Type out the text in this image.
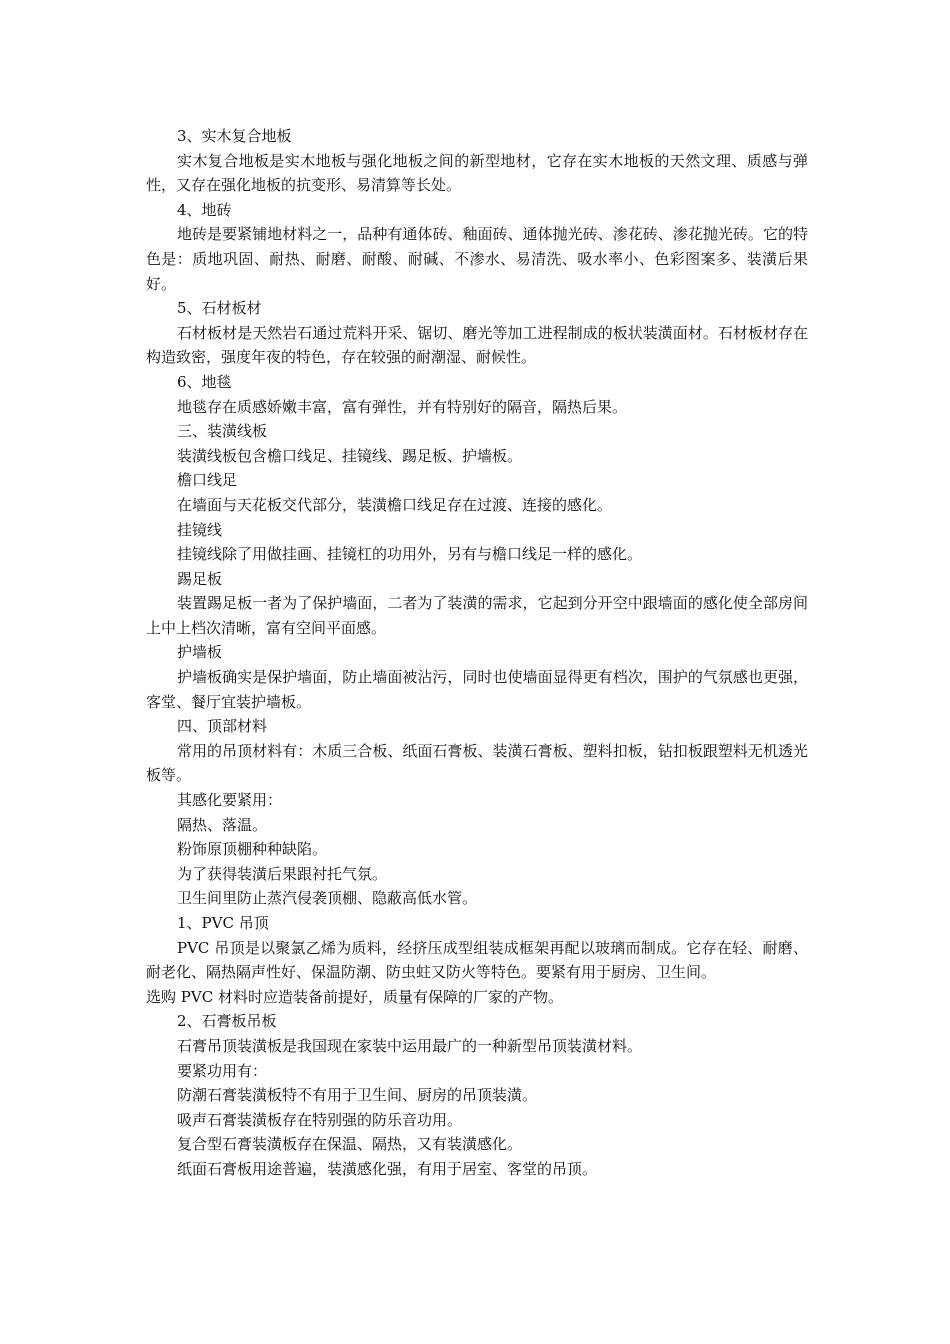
3、实木复合地板

实木复合地板是实木地板与强化地板之间的新型地材，它存在实木地板的天然文理、质感与弹性，又存在强化地板的抗变形、易清算等长处。

4、地砖

地砖是要紧铺地材料之一，品种有通体砖、釉面砖、通体抛光砖、渗花砖、渗花抛光砖。它的特色是：质地巩固、耐热、耐磨、耐酸、耐碱、不渗水、易清洗、吸水率小、色彩图案多、装潢后果好。

5、石材板材

石材板材是天然岩石通过荒料开采、锯切、磨光等加工进程制成的板状装潢面材。石材板材存在构造致密，强度年夜的特色，存在较强的耐潮湿、耐候性。

6、地毯

地毯存在质感娇嫩丰富，富有弹性，并有特别好的隔音，隔热后果。

三、装潢线板

装潢线板包含檐口线足、挂镜线、踢足板、护墙板。

檐口线足

在墙面与天花板交代部分，装潢檐口线足存在过渡、连接的感化。

挂镜线

挂镜线除了用做挂画、挂镜杠的功用外，另有与檐口线足一样的感化。

踢足板

装置踢足板一者为了保护墙面，二者为了装潢的需求，它起到分开空中跟墙面的感化使全部房间上中上档次清晰，富有空间平面感。

护墙板

护墙板确实是保护墙面，防止墙面被沾污，同时也使墙面显得更有档次，围护的气氛感也更强，客堂、餐厅宜装护墙板。

四、顶部材料

常用的吊顶材料有：木质三合板、纸面石膏板、装潢石膏板、塑料扣板，钻扣板跟塑料无机透光板等。

其感化要紧用：

隔热、落温。

粉饰原顶棚种种缺陷。

为了获得装潢后果跟衬托气氛。

卫生间里防止蒸汽侵袭顶棚、隐蔽高低水管。

1、PVC 吊顶

PVC 吊顶是以聚氯乙烯为质料，经挤压成型组装成框架再配以玻璃而制成。它存在轻、耐磨、耐老化、隔热隔声性好、保温防潮、防虫蛀又防火等特色。要紧有用于厨房、卫生间。

选购 PVC 材料时应造装备前提好，质量有保障的厂家的产物。

2、石膏板吊板

石膏吊顶装潢板是我国现在家装中运用最广的一种新型吊顶装潢材料。

要紧功用有：

防潮石膏装潢板特不有用于卫生间、厨房的吊顶装潢。

吸声石膏装潢板存在特别强的防乐音功用。

复合型石膏装潢板存在保温、隔热，又有装潢感化。

纸面石膏板用途普遍，装潢感化强，有用于居室、客堂的吊顶。
